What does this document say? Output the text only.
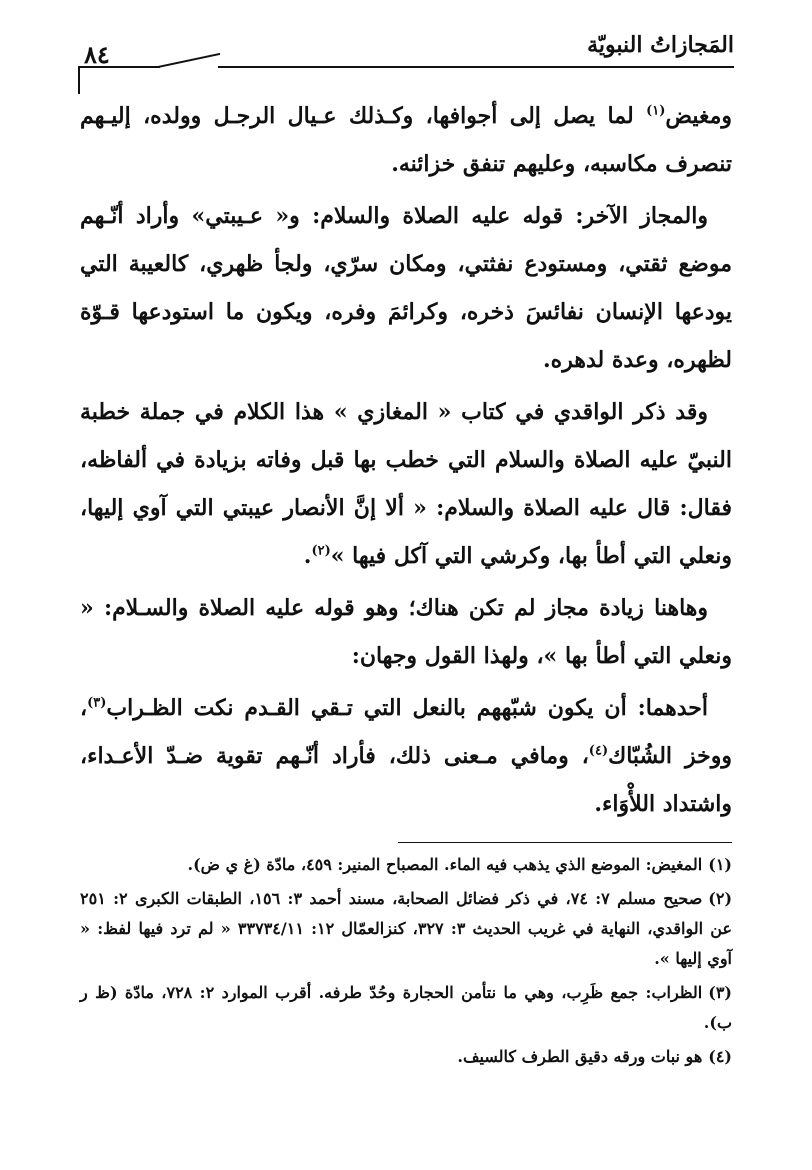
المَجازاتُ النبويّة
٨٤

ومغيض$^{(١)}$ لما يصل إلى أجوافها، وكـذلك عـيال الرجـل وولده، إليـهم تنصرف مكاسبه، وعليهم تنفق خزائنه.

والمجاز الآخر: قوله عليه الصلاة والسلام: و« عـيبتي» وأراد أنّـهم موضع ثقتي، ومستودع نفثتي، ومكان سرّي، ولجأ ظهري، كالعيبة التي يودعها الإنسان نفائسَ ذخره، وكرائمَ وفره، ويكون ما استودعها قـوّة لظهره، وعدة لدهره.

وقد ذكر الواقدي في كتاب « المغازي » هذا الكلام في جملة خطبة النبيّ عليه الصلاة والسلام التي خطب بها قبل وفاته بزيادة في ألفاظه، فقال: قال عليه الصلاة والسلام: « ألا إنَّ الأنصار عيبتي التي آوي إليها، ونعلي التي أطأ بها، وكرشي التي آكل فيها »$^{(٢)}$.

وهاهنا زيادة مجاز لم تكن هناك؛ وهو قوله عليه الصلاة والسـلام: « ونعلي التي أطأ بها »، ولهذا القول وجهان:

أحدهما: أن يكون شبّههم بالنعل التي تـقي القـدم نكت الظـراب$^{(٣)}$، ووخز الشُبّاك$^{(٤)}$، ومافي مـعنى ذلك، فأراد أنّـهم تقوية ضـدّ الأعـداء، واشتداد اللأْوَاء.

(١)المغيض: الموضع الذي يذهب فيه الماء. المصباح المنير: ٤٥٩، مادّة (غ ي ض).

(٢)صحيح مسلم ٧: ٧٤، في ذكر فضائل الصحابة، مسند أحمد ٣: ١٥٦، الطبقات الكبرى ٢: ٢٥١ عن الواقدي، النهاية في غريب الحديث ٣: ٣٢٧، كنزالعمّال ١٢: ٣٣٧٣٤/١١ « لم ترد فيها لفظ: « آوي إليها ».

(٣)الظراب: جمع ظَرِب، وهي ما نتأمن الحجارة وحُدّ طرفه. أقرب الموارد ٢: ٧٢٨، مادّة (ظ ر ب).

(٤)هو نبات ورقه دقيق الطرف كالسيف.
